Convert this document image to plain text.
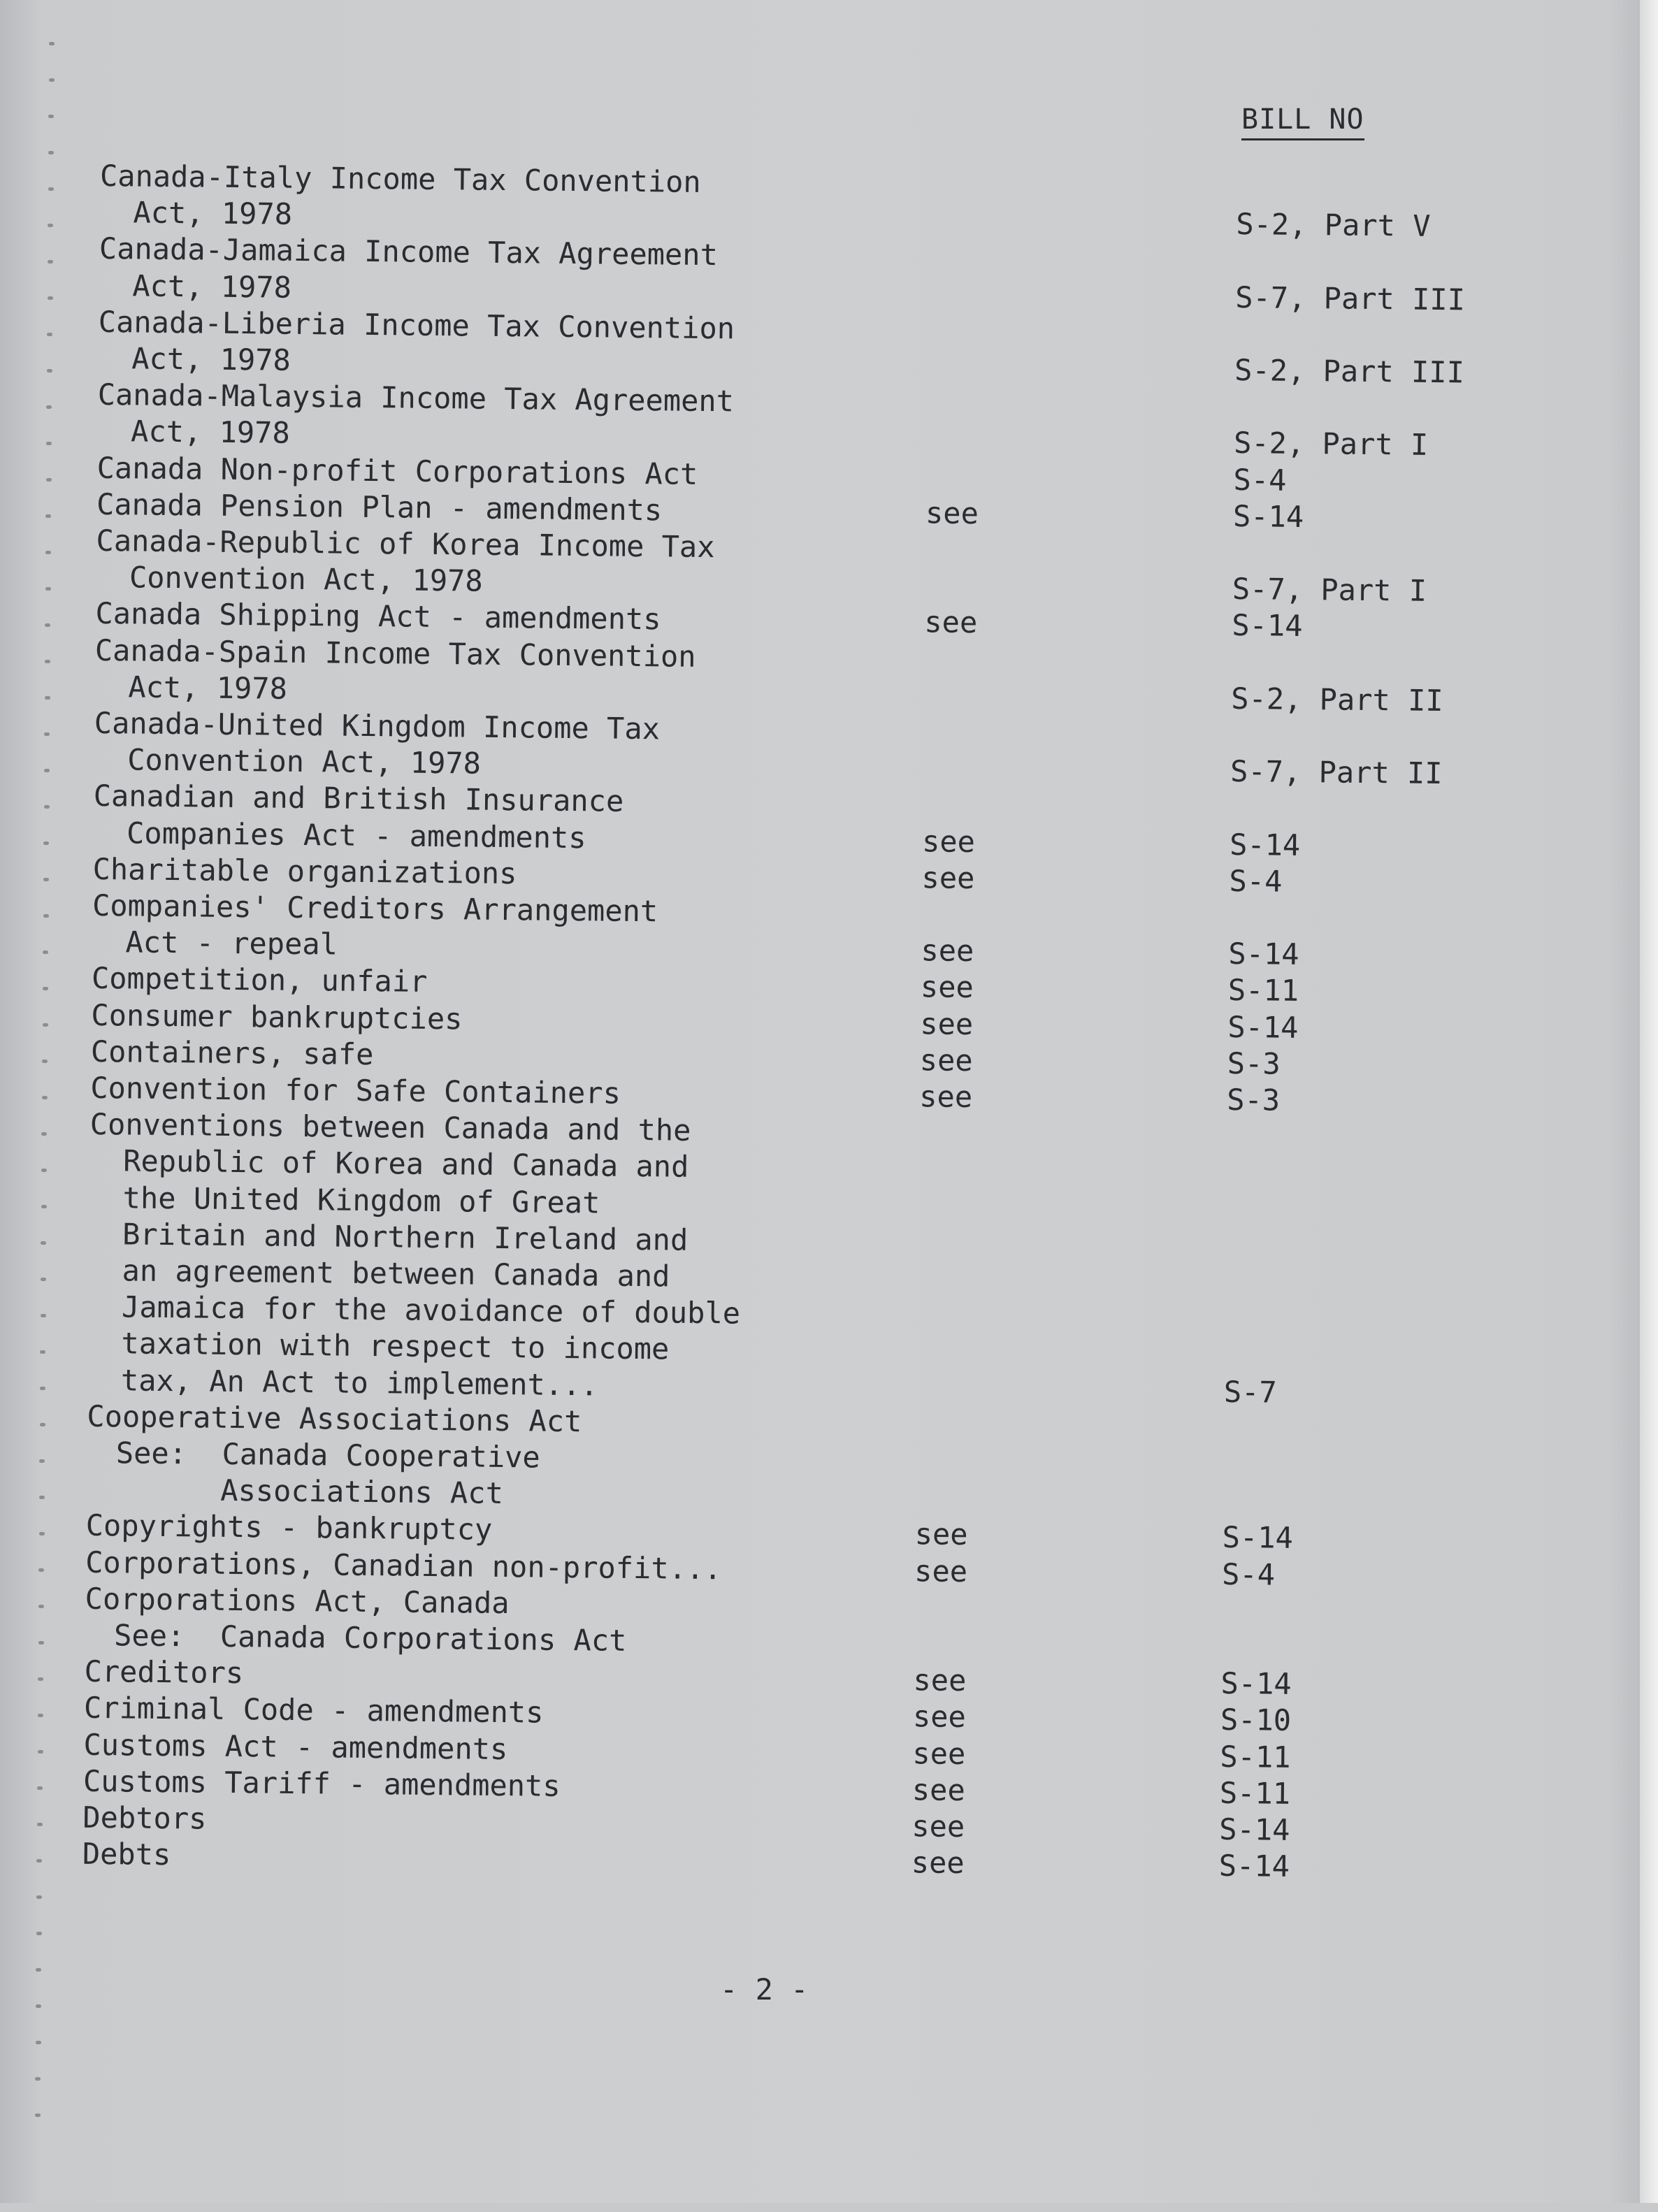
BILL NO
Canada-Italy Income Tax Convention
Act, 1978	S-2, Part V
Canada-Jamaica Income Tax Agreement
Act, 1978	S-7, Part III
Canada-Liberia Income Tax Convention
Act, 1978	S-2, Part III
Canada-Malaysia Income Tax Agreement
Act, 1978	S-2, Part I
Canada Non-profit Corporations Act	S-4
Canada Pension Plan - amendments	see	S-14
Canada-Republic of Korea Income Tax
Convention Act, 1978	S-7, Part I
Canada Shipping Act - amendments	see	S-14
Canada-Spain Income Tax Convention
Act, 1978	S-2, Part II
Canada-United Kingdom Income Tax
Convention Act, 1978	S-7, Part II
Canadian and British Insurance
Companies Act - amendments	see	S-14
Charitable organizations	see	S-4
Companies' Creditors Arrangement
Act - repeal	see	S-14
Competition, unfair	see	S-11
Consumer bankruptcies	see	S-14
Containers, safe	see	S-3
Convention for Safe Containers	see	S-3
Conventions between Canada and the
Republic of Korea and Canada and
the United Kingdom of Great
Britain and Northern Ireland and
an agreement between Canada and
Jamaica for the avoidance of double
taxation with respect to income
tax, An Act to implement...	S-7
Cooperative Associations Act
See:  Canada Cooperative
Associations Act
Copyrights - bankruptcy	see	S-14
Corporations, Canadian non-profit...	see	S-4
Corporations Act, Canada
See:  Canada Corporations Act
Creditors	see	S-14
Criminal Code - amendments	see	S-10
Customs Act - amendments	see	S-11
Customs Tariff - amendments	see	S-11
Debtors	see	S-14
Debts	see	S-14
- 2 -
